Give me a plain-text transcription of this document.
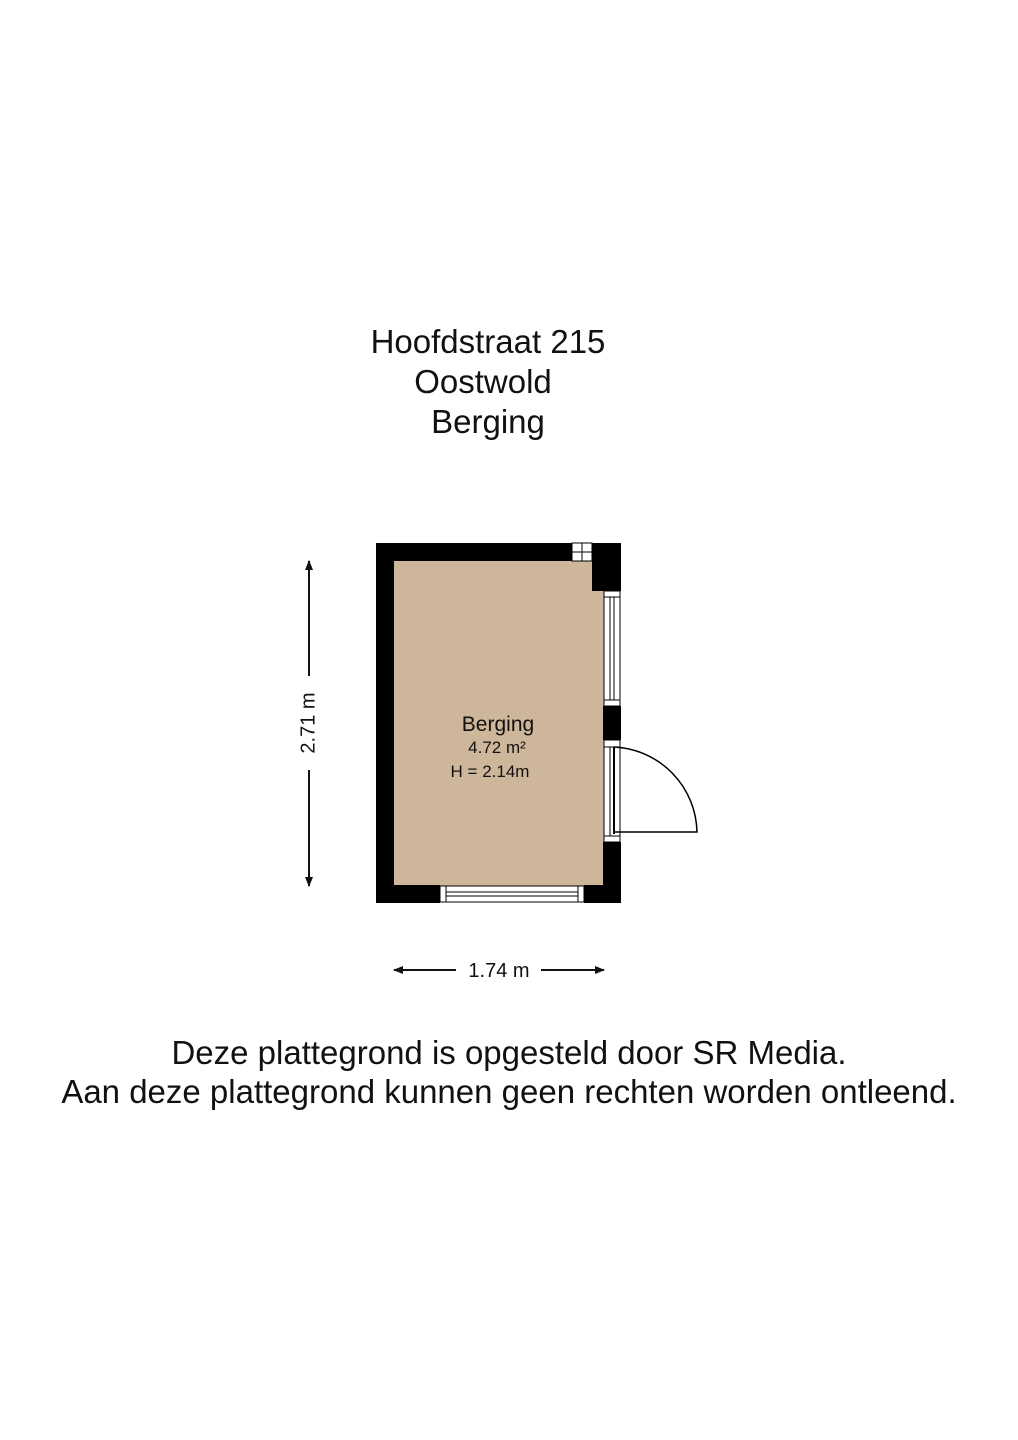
Hoofdstraat 215
Oostwold
Berging
Berging
4.72 m²
H = 2.14m
2.71 m
1.74 m

Deze plattegrond is opgesteld door SR Media.

Aan deze plattegrond kunnen geen rechten worden ontleend.
